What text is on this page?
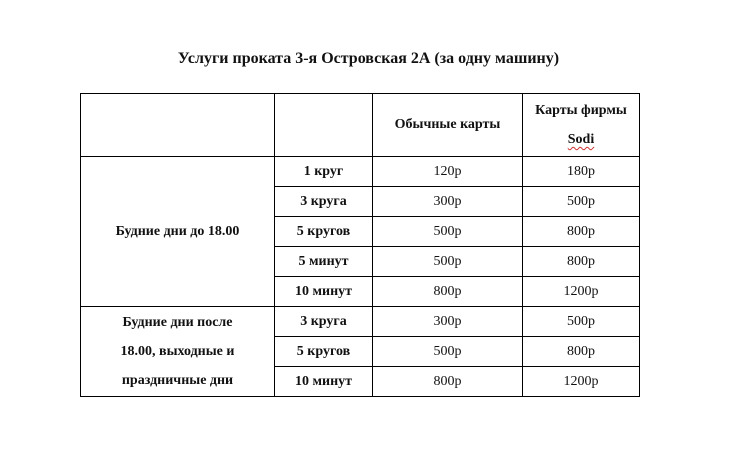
Услуги проката 3-я Островская 2А (за одну машину)
		Обычные карты	Карты фирмы
Sodi

Будние дни до 18.00	1 круг	120р	180р
	3 круга	300р	500р
	5 кругов	500р	800р
	5 минут	500р	800р
	10 минут	800р	1200р

Будние дни после
18.00, выходные и
праздничные дни	3 круга	300р	500р
	5 кругов	500р	800р
	10 минут	800р	1200р
